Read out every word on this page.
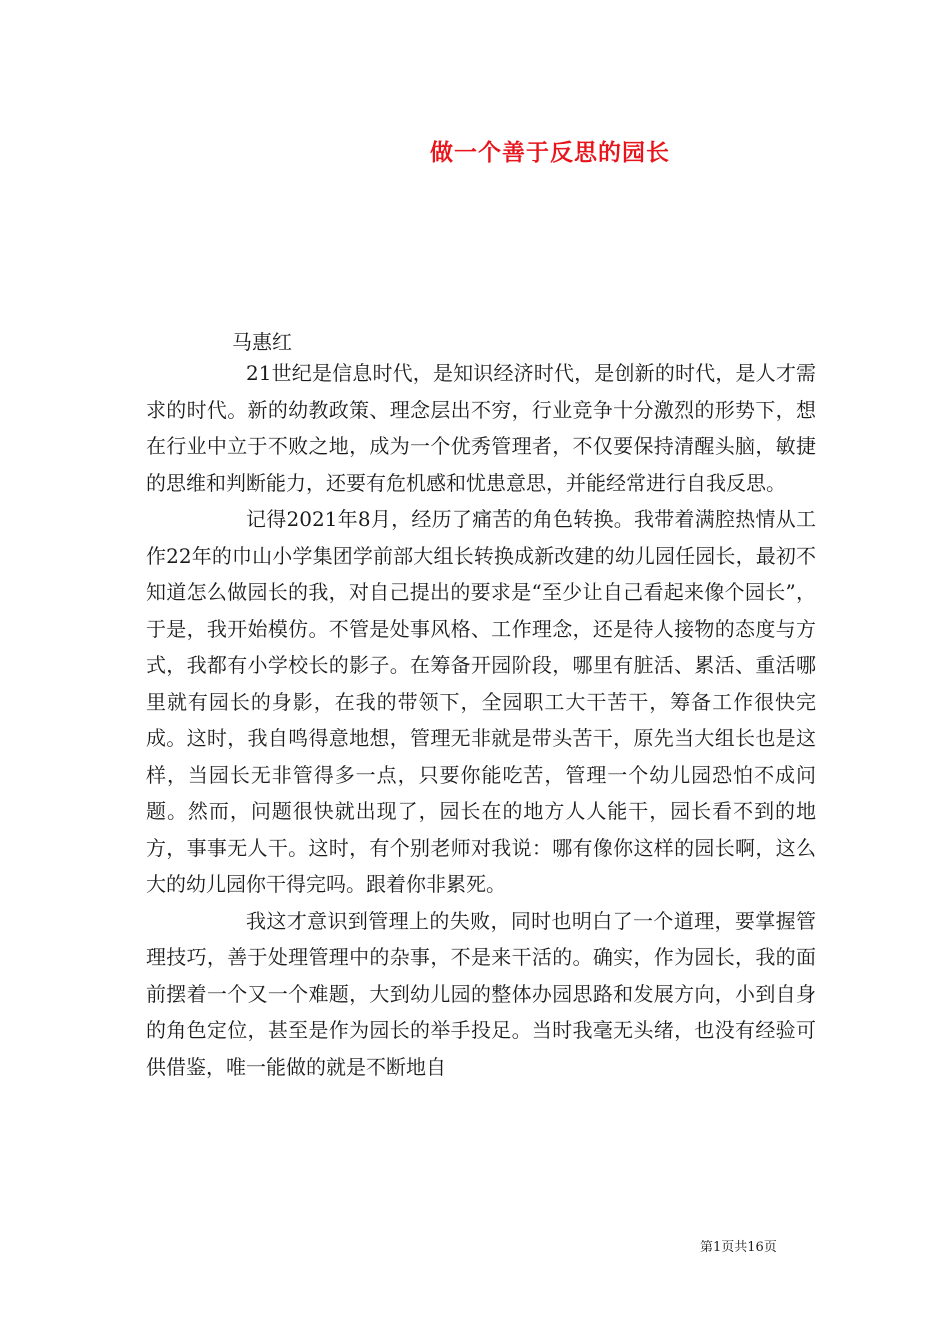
做一个善于反思的园长
马惠红

21世纪是信息时代，是知识经济时代，是创新的时代，是人才需求的时代。新的幼教政策、理念层出不穷，行业竞争十分激烈的形势下，想在行业中立于不败之地，成为一个优秀管理者，不仅要保持清醒头脑，敏捷的思维和判断能力，还要有危机感和忧患意思，并能经常进行自我反思。

记得2021年8月，经历了痛苦的角色转换。我带着满腔热情从工作22年的巾山小学集团学前部大组长转换成新改建的幼儿园任园长，最初不知道怎么做园长的我，对自己提出的要求是“至少让自己看起来像个园长”，于是，我开始模仿。不管是处事风格、工作理念，还是待人接物的态度与方式，我都有小学校长的影子。在筹备开园阶段，哪里有脏活、累活、重活哪里就有园长的身影，在我的带领下，全园职工大干苦干，筹备工作很快完成。这时，我自鸣得意地想，管理无非就是带头苦干，原先当大组长也是这样，当园长无非管得多一点，只要你能吃苦，管理一个幼儿园恐怕不成问题。然而，问题很快就出现了，园长在的地方人人能干，园长看不到的地方，事事无人干。这时，有个别老师对我说：哪有像你这样的园长啊，这么大的幼儿园你干得完吗。跟着你非累死。

我这才意识到管理上的失败，同时也明白了一个道理，要掌握管理技巧，善于处理管理中的杂事，不是来干活的。确实，作为园长，我的面前摆着一个又一个难题，大到幼儿园的整体办园思路和发展方向，小到自身的角色定位，甚至是作为园长的举手投足。当时我毫无头绪，也没有经验可供借鉴，唯一能做的就是不断地自

第1页共16页
